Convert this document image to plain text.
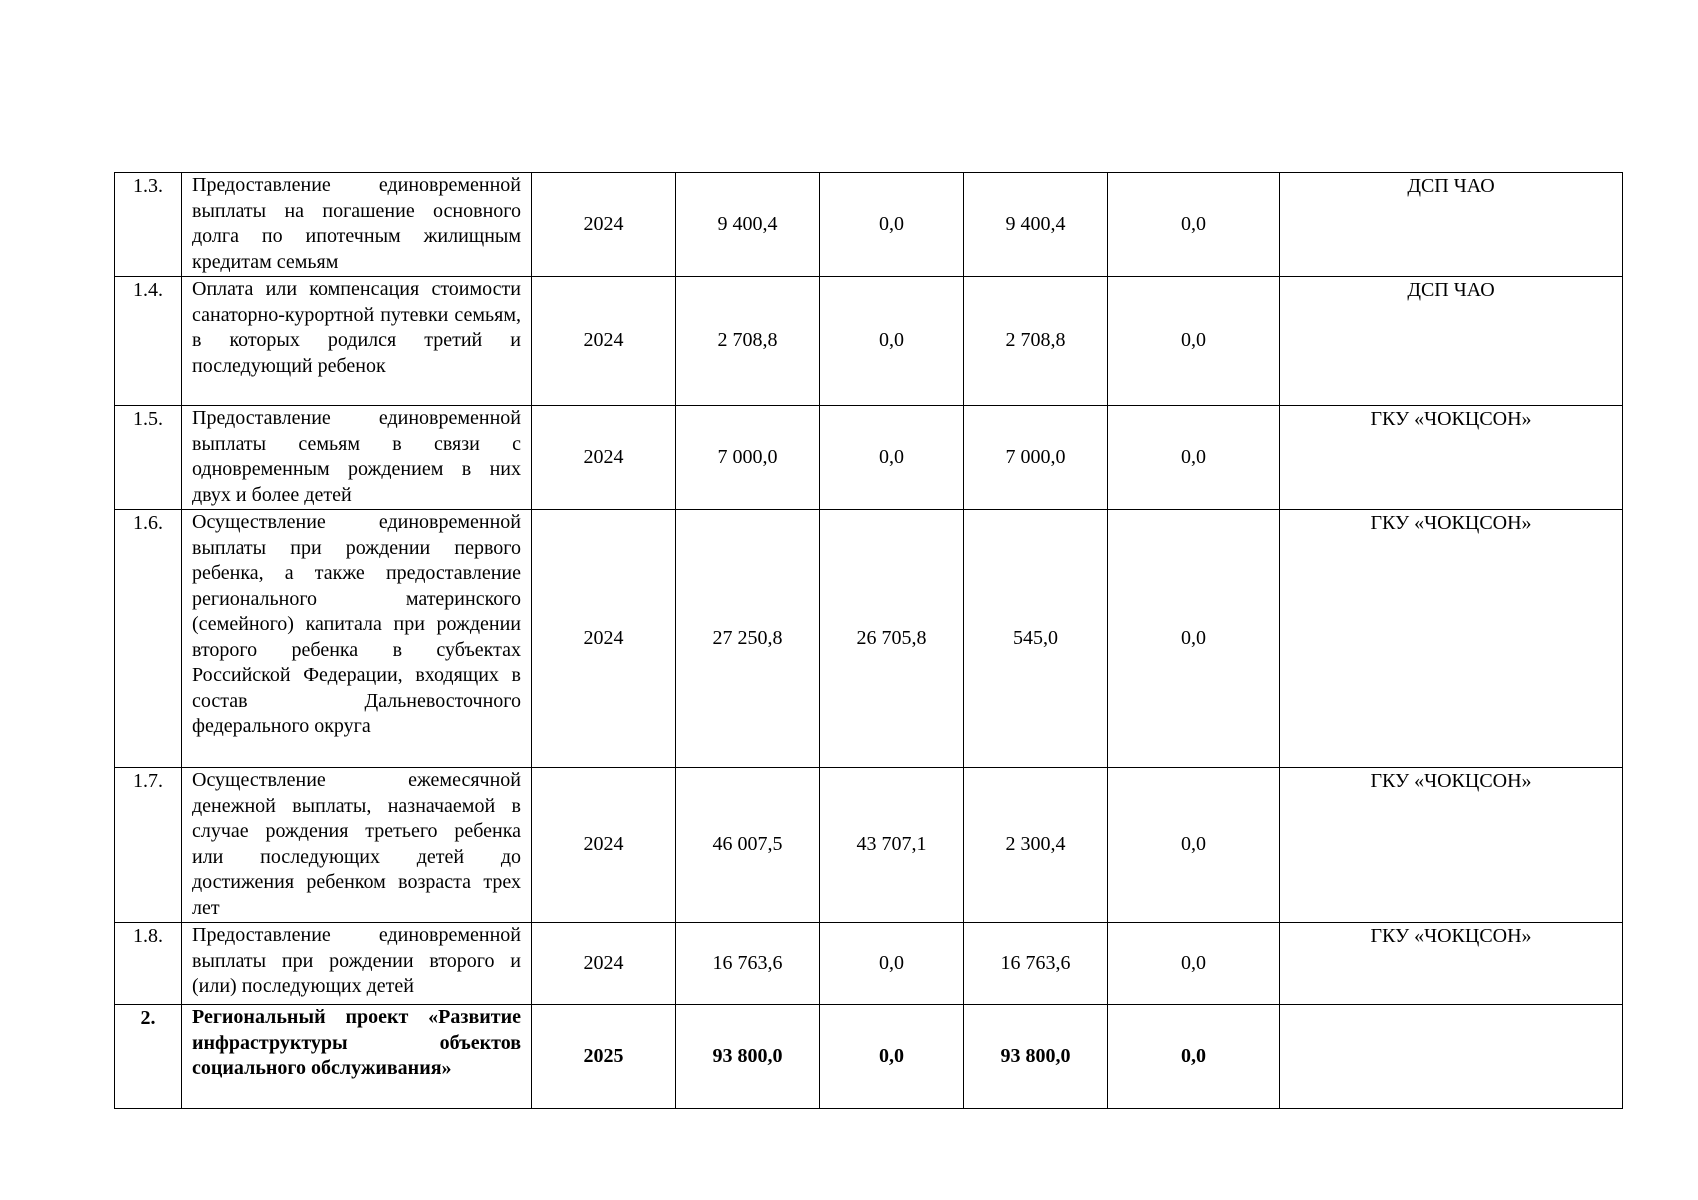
1.3.	Предоставление единовременной выплаты на погашение основного долга по ипотечным жилищным кредитам семьям	2024	9 400,4	0,0	9 400,4	0,0	ДСП ЧАО
1.4.	Оплата или компенсация стоимости санаторно-курортной путевки семьям, в которых родился третий и последующий ребенок	2024	2 708,8	0,0	2 708,8	0,0	ДСП ЧАО
1.5.	Предоставление единовременной выплаты семьям в связи с одновременным рождением в них двух и более детей	2024	7 000,0	0,0	7 000,0	0,0	ГКУ «ЧОКЦСОН»
1.6.	Осуществление единовременной выплаты при рождении первого ребенка, а также предоставление регионального материнского (семейного) капитала при рождении второго ребенка в субъектах Российской Федерации, входящих в состав Дальневосточного федерального округа	2024	27 250,8	26 705,8	545,0	0,0	ГКУ «ЧОКЦСОН»
1.7.	Осуществление ежемесячной денежной выплаты, назначаемой в случае рождения третьего ребенка или последующих детей до достижения ребенком возраста трех лет	2024	46 007,5	43 707,1	2 300,4	0,0	ГКУ «ЧОКЦСОН»
1.8.	Предоставление единовременной выплаты при рождении второго и (или) последующих детей	2024	16 763,6	0,0	16 763,6	0,0	ГКУ «ЧОКЦСОН»
2.	Региональный проект «Развитие инфраструктуры объектов социального обслуживания»	2025	93 800,0	0,0	93 800,0	0,0	
